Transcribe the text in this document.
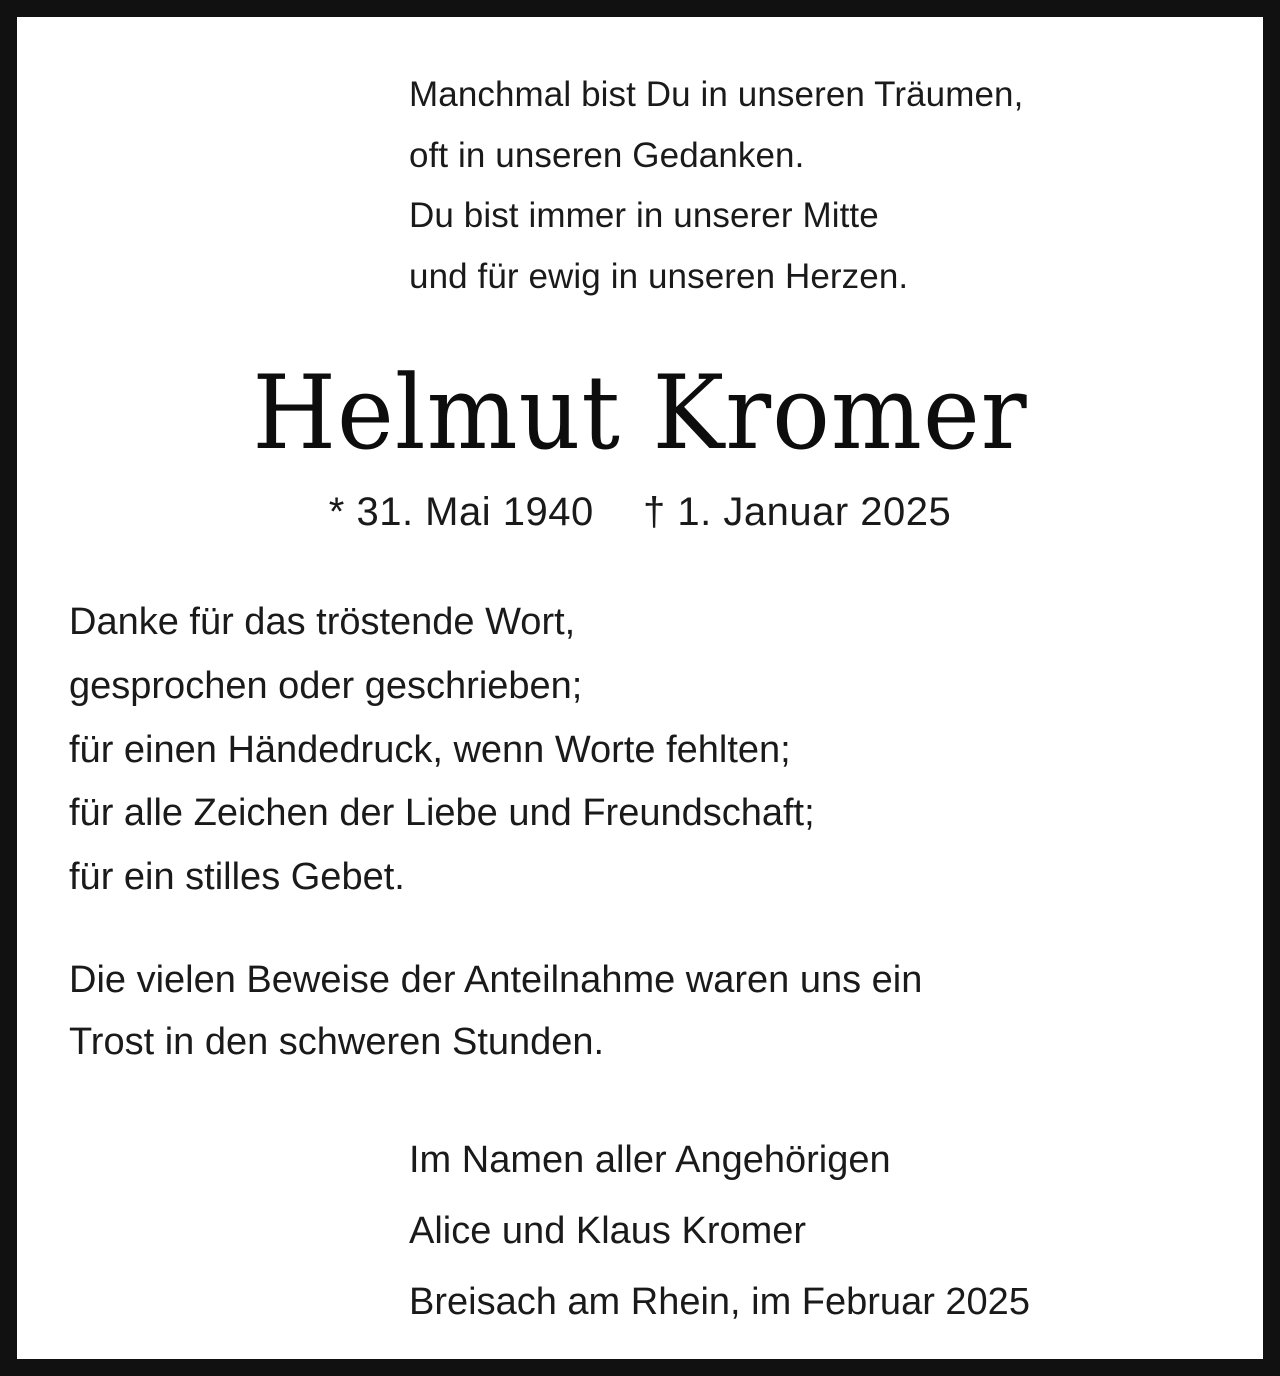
Manchmal bist Du in unseren Träumen,
oft in unseren Gedanken.
Du bist immer in unserer Mitte
und für ewig in unseren Herzen.
Helmut Kromer
* 31. Mai 1940 † 1. Januar 2025
Danke für das tröstende Wort,
gesprochen oder geschrieben;
für einen Händedruck, wenn Worte fehlten;
für alle Zeichen der Liebe und Freundschaft;
für ein stilles Gebet.
Die vielen Beweise der Anteilnahme waren uns ein
Trost in den schweren Stunden.
Im Namen aller Angehörigen
Alice und Klaus Kromer
Breisach am Rhein, im Februar 2025
